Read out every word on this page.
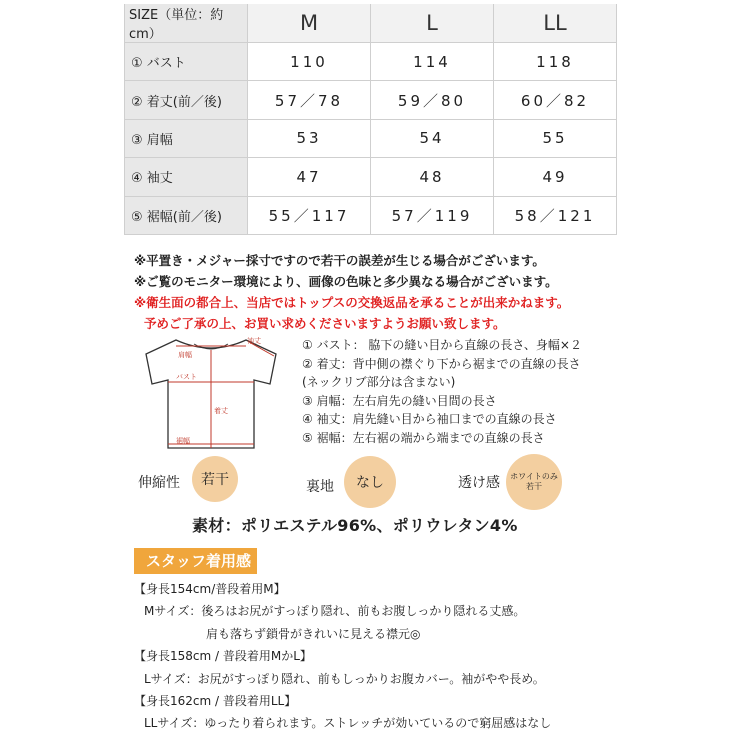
SIZE（単位：約cm）	M	L	LL
① バスト	110	114	118
② 着丈(前／後)	57／78	59／80	60／82
③ 肩幅	53	54	55
④ 袖丈	47	48	49
⑤ 裾幅(前／後)	55／117	57／119	58／121
※平置き・メジャー採寸ですので若干の誤差が生じる場合がございます。
※ご覧のモニター環境により、画像の色味と多少異なる場合がございます。
※衛生面の都合上、当店ではトップスの交換返品を承ることが出来かねます。
予めご了承の上、お買い求めくださいますようお願い致します。
肩幅
袖丈
バスト
着丈
裾幅
① バスト： 脇下の縫い目から直線の長さ、身幅×２
② 着丈：背中側の襟ぐり下から裾までの直線の長さ
(ネックリブ部分は含まない)
③ 肩幅：左右肩先の縫い目間の長さ
④ 袖丈：肩先縫い目から袖口までの直線の長さ
⑤ 裾幅：左右裾の端から端までの直線の長さ
伸縮性 若干	裏地 なし	透け感 ホワイトのみ
若干
素材：ポリエステル96%、ポリウレタン4%
スタッフ着用感
【身長154cm/普段着用M】
Mサイズ：後ろはお尻がすっぽり隠れ、前もお腹しっかり隠れる丈感。
肩も落ちず鎖骨がきれいに見える襟元◎
【身長158cm / 普段着用MかL】
Lサイズ：お尻がすっぽり隠れ、前もしっかりお腹カバー。袖がやや長め。
【身長162cm / 普段着用LL】
LLサイズ：ゆったり着られます。ストレッチが効いているので窮屈感はなし
